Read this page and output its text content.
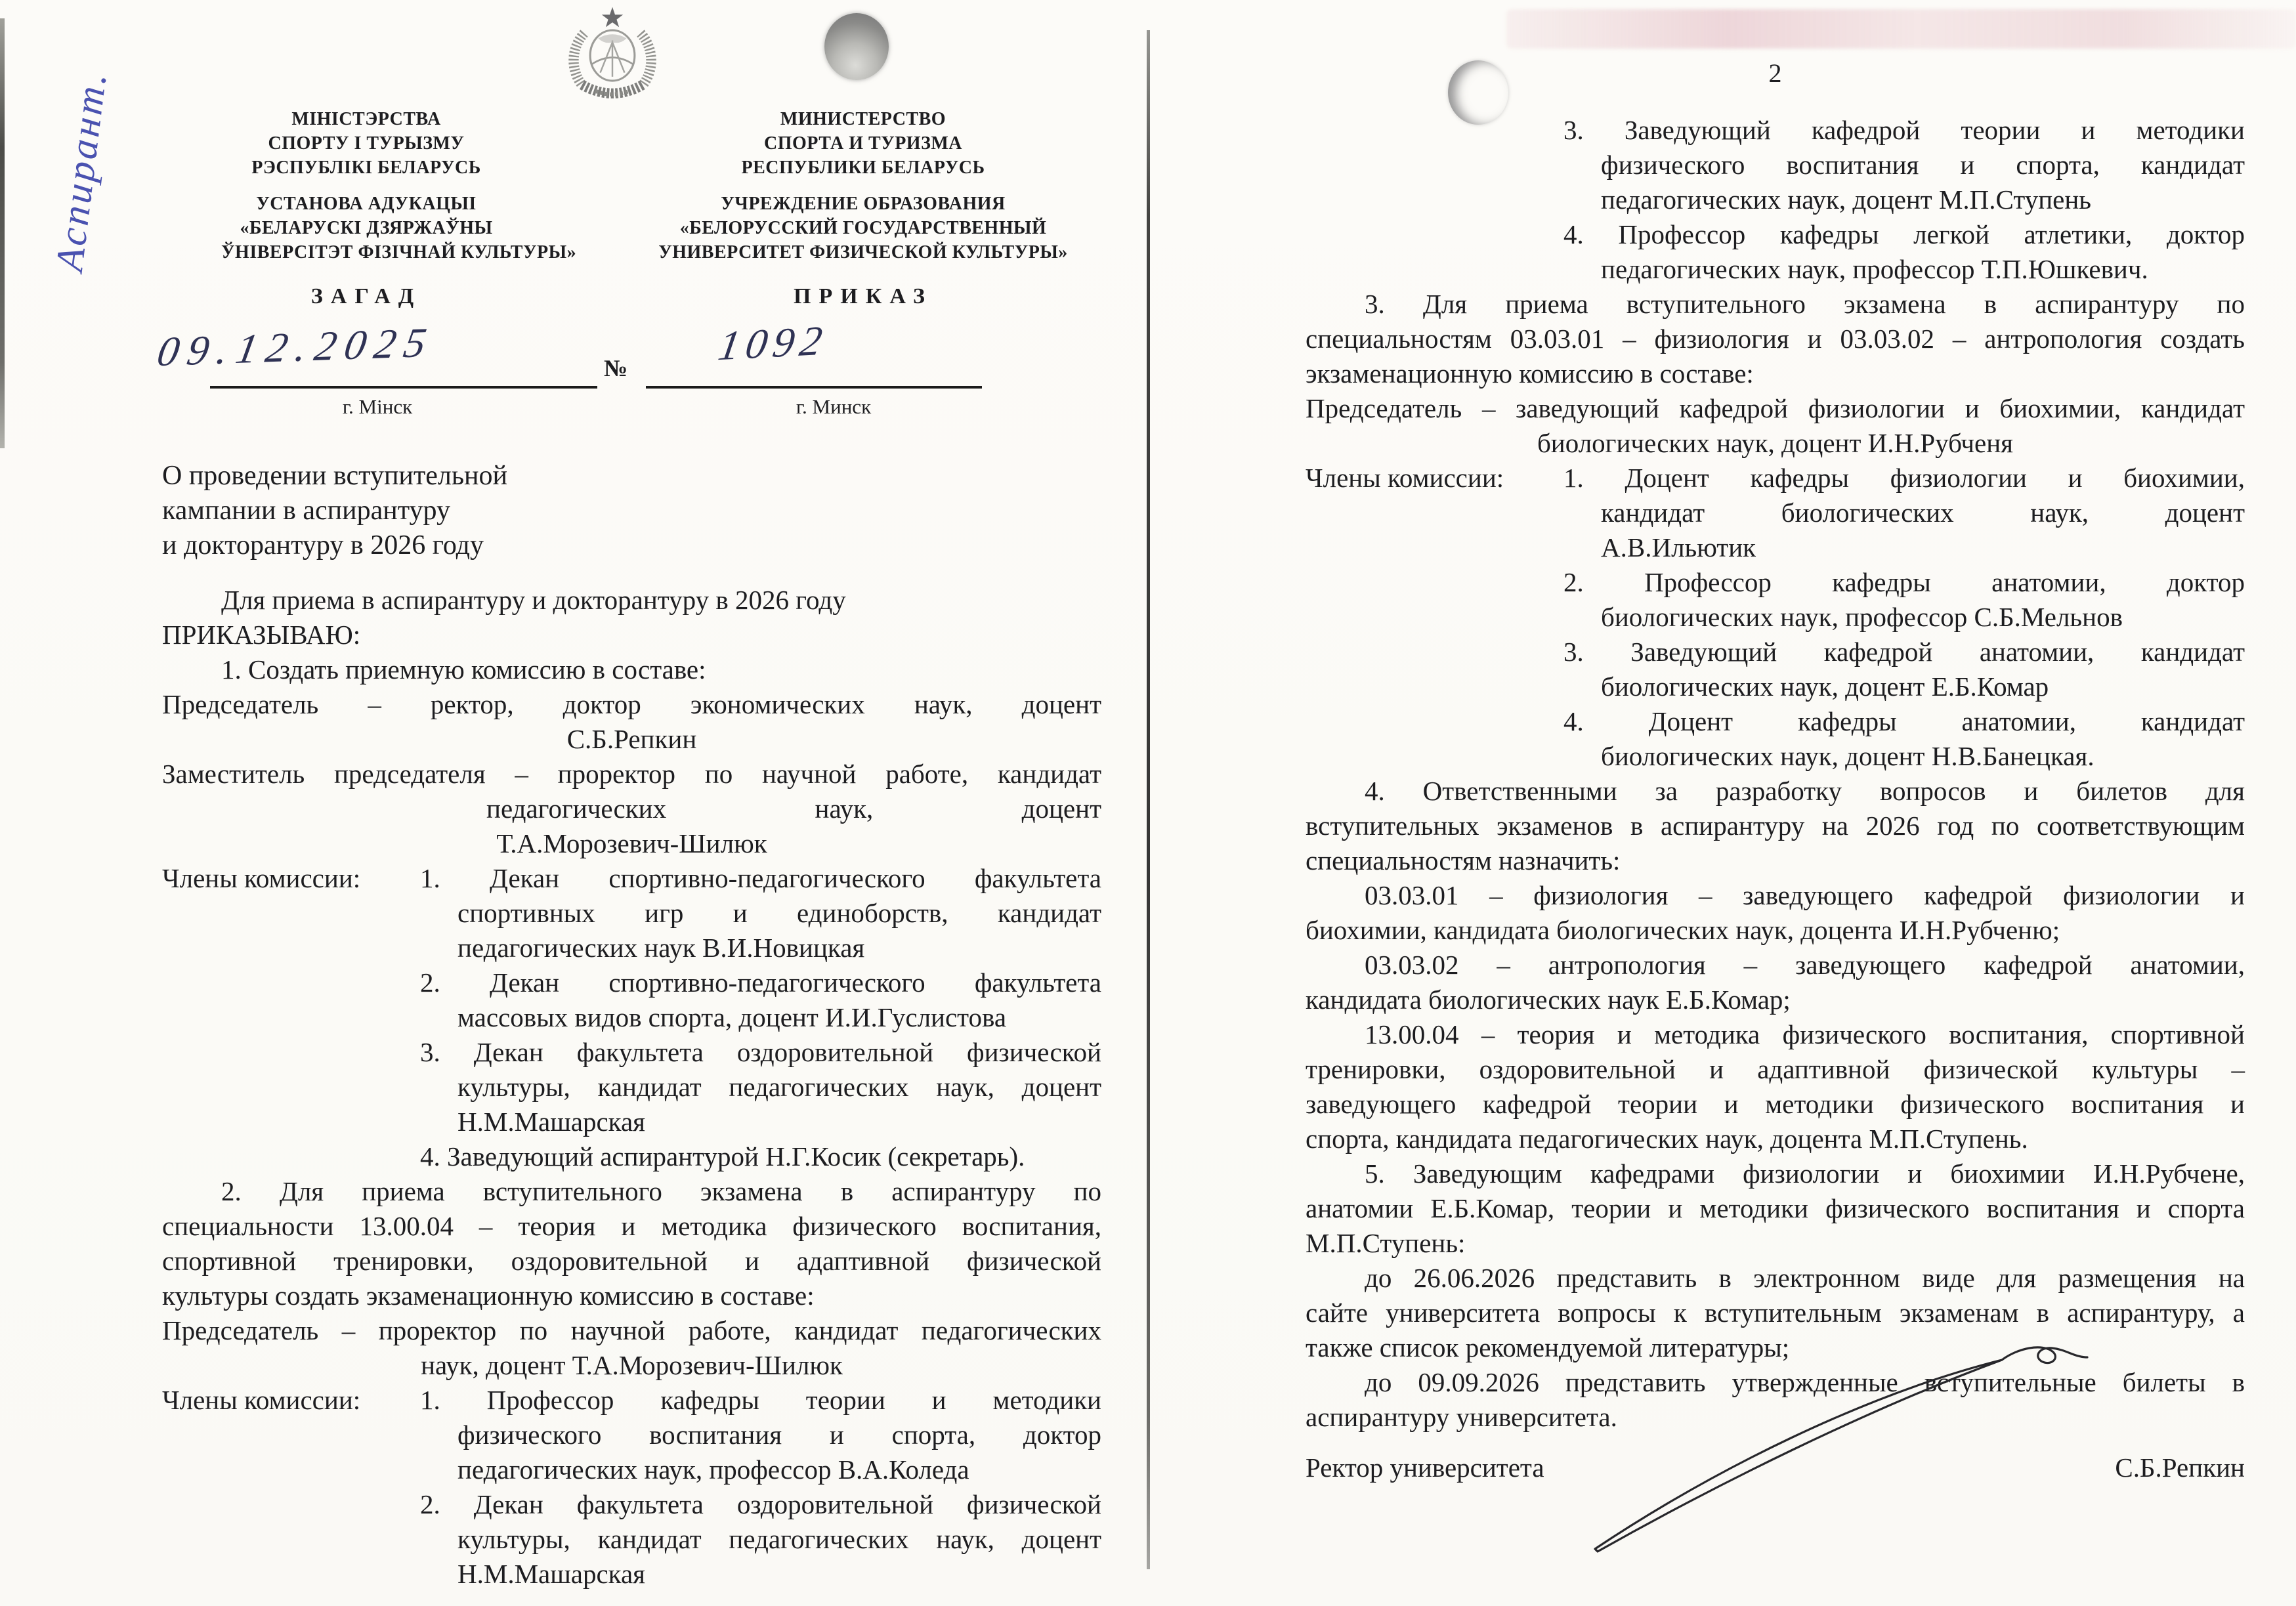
Аспирант.	МІНІСТЭРСТВА
СПОРТУ І ТУРЫЗМУ
РЭСПУБЛІКІ БЕЛАРУСЬ
УСТАНОВА АДУКАЦЫІ
«БЕЛАРУСКІ ДЗЯРЖАЎНЫ
ЎНІВЕРСІТЭТ ФІЗІЧНАЙ КУЛЬТУРЫ»
ЗАГАД
МИНИСТЕРСТВО
СПОРТА И ТУРИЗМА
РЕСПУБЛИКИ БЕЛАРУСЬ
УЧРЕЖДЕНИЕ ОБРАЗОВАНИЯ
«БЕЛОРУССКИЙ ГОСУДАРСТВЕННЫЙ
УНИВЕРСИТЕТ ФИЗИЧЕСКОЙ КУЛЬТУРЫ»
ПРИКАЗ
09.12.2025	№ 1092
г. Мінск	г. Минск
О проведении вступительной
кампании в аспирантуру
и докторантуру в 2026 году
Для приема в аспирантуру и докторантуру в 2026 году
ПРИКАЗЫВАЮ:
1. Создать приемную комиссию в составе:
Председатель – ректор, доктор экономических наук, доцент
С.Б.Репкин
Заместитель председателя – проректор по научной работе, кандидат
педагогических наук, доцент
Т.А.Морозевич-Шилюк
Члены комиссии: 1. Декан спортивно-педагогического факультета
спортивных игр и единоборств, кандидат
педагогических наук В.И.Новицкая
2. Декан спортивно-педагогического факультета
массовых видов спорта, доцент И.И.Гуслистова
3. Декан факультета оздоровительной физической
культуры, кандидат педагогических наук, доцент
Н.М.Машарская
4. Заведующий аспирантурой Н.Г.Косик (секретарь).
2. Для приема вступительного экзамена в аспирантуру по
специальности 13.00.04 – теория и методика физического воспитания,
спортивной тренировки, оздоровительной и адаптивной физической
культуры создать экзаменационную комиссию в составе:
Председатель – проректор по научной работе, кандидат педагогических
наук, доцент Т.А.Морозевич-Шилюк
Члены комиссии: 1. Профессор кафедры теории и методики
физического воспитания и спорта, доктор
педагогических наук, профессор В.А.Коледа
2. Декан факультета оздоровительной физической
культуры, кандидат педагогических наук, доцент
Н.М.Машарская
2
3. Заведующий кафедрой теории и методики
физического воспитания и спорта, кандидат
педагогических наук, доцент М.П.Ступень
4. Профессор кафедры легкой атлетики, доктор
педагогических наук, профессор Т.П.Юшкевич.
3. Для приема вступительного экзамена в аспирантуру по
специальностям 03.03.01 – физиология и 03.03.02 – антропология создать
экзаменационную комиссию в составе:
Председатель – заведующий кафедрой физиологии и биохимии, кандидат
биологических наук, доцент И.Н.Рубченя
Члены комиссии: 1. Доцент кафедры физиологии и биохимии,
кандидат биологических наук, доцент
А.В.Ильютик
2. Профессор кафедры анатомии, доктор
биологических наук, профессор С.Б.Мельнов
3. Заведующий кафедрой анатомии, кандидат
биологических наук, доцент Е.Б.Комар
4. Доцент кафедры анатомии, кандидат
биологических наук, доцент Н.В.Банецкая.
4. Ответственными за разработку вопросов и билетов для
вступительных экзаменов в аспирантуру на 2026 год по соответствующим
специальностям назначить:
03.03.01 – физиология – заведующего кафедрой физиологии и
биохимии, кандидата биологических наук, доцента И.Н.Рубченю;
03.03.02 – антропология – заведующего кафедрой анатомии,
кандидата биологических наук Е.Б.Комар;
13.00.04 – теория и методика физического воспитания, спортивной
тренировки, оздоровительной и адаптивной физической культуры –
заведующего кафедрой теории и методики физического воспитания и
спорта, кандидата педагогических наук, доцента М.П.Ступень.
5. Заведующим кафедрами физиологии и биохимии И.Н.Рубчене,
анатомии Е.Б.Комар, теории и методики физического воспитания и спорта
М.П.Ступень:
до 26.06.2026 представить в электронном виде для размещения на
сайте университета вопросы к вступительным экзаменам в аспирантуру, а
также список рекомендуемой литературы;
до 09.09.2026 представить утвержденные вступительные билеты в
аспирантуру университета.
Ректор университета	С.Б.Репкин
